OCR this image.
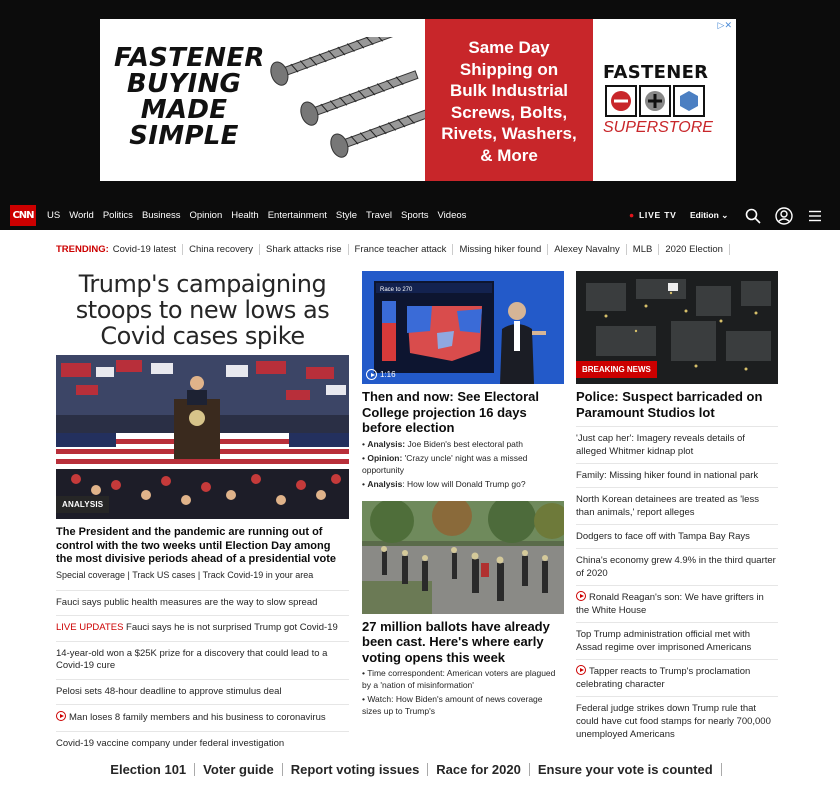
FASTENER
BUYING
MADE
SIMPLE
Same Day
Shipping on
Bulk Industrial
Screws, Bolts,
Rivets, Washers,
& More
FASTENER
SUPERSTORE
▷✕
CNN US World Politics Business Opinion Health Entertainment Style Travel Sports Videos	● LIVE TV Edition ⌄
TRENDING: Covid-19 latest China recovery Shark attacks rise France teacher attack Missing hiker found Alexey Navalny MLB 2020 Election
Trump's campaigning
stoops to new lows as
Covid cases spike
ANALYSIS
The President and the pandemic are running out of control with the two weeks until Election Day among the most divisive periods ahead of a presidential vote
Special coverage | Track US cases | Track Covid-19 in your area
Fauci says public health measures are the way to slow spread
LIVE UPDATES Fauci says he is not surprised Trump got Covid-19
14-year-old won a $25K prize for a discovery that could lead to a Covid-19 cure
Pelosi sets 48-hour deadline to approve stimulus deal
Man loses 8 family members and his business to coronavirus
Covid-19 vaccine company under federal investigation
Race to 270
1:16
Then and now: See Electoral College projection 16 days before election
• Analysis: Joe Biden's best electoral path
• Opinion: 'Crazy uncle' night was a missed opportunity
• Analysis: How low will Donald Trump go?
27 million ballots have already been cast. Here's where early voting opens this week
• Time correspondent: American voters are plagued by a 'nation of misinformation'
• Watch: How Biden's amount of news coverage sizes up to Trump's
BREAKING NEWS
Police: Suspect barricaded on Paramount Studios lot
'Just cap her': Imagery reveals details of alleged Whitmer kidnap plot
Family: Missing hiker found in national park
North Korean detainees are treated as 'less than animals,' report alleges
Dodgers to face off with Tampa Bay Rays
China's economy grew 4.9% in the third quarter of 2020
Ronald Reagan's son: We have grifters in the White House
Top Trump administration official met with Assad regime over imprisoned Americans
Tapper reacts to Trump's proclamation celebrating character
Federal judge strikes down Trump rule that could have cut food stamps for nearly 700,000 unemployed Americans
Election 101 Voter guide Report voting issues Race for 2020 Ensure your vote is counted
